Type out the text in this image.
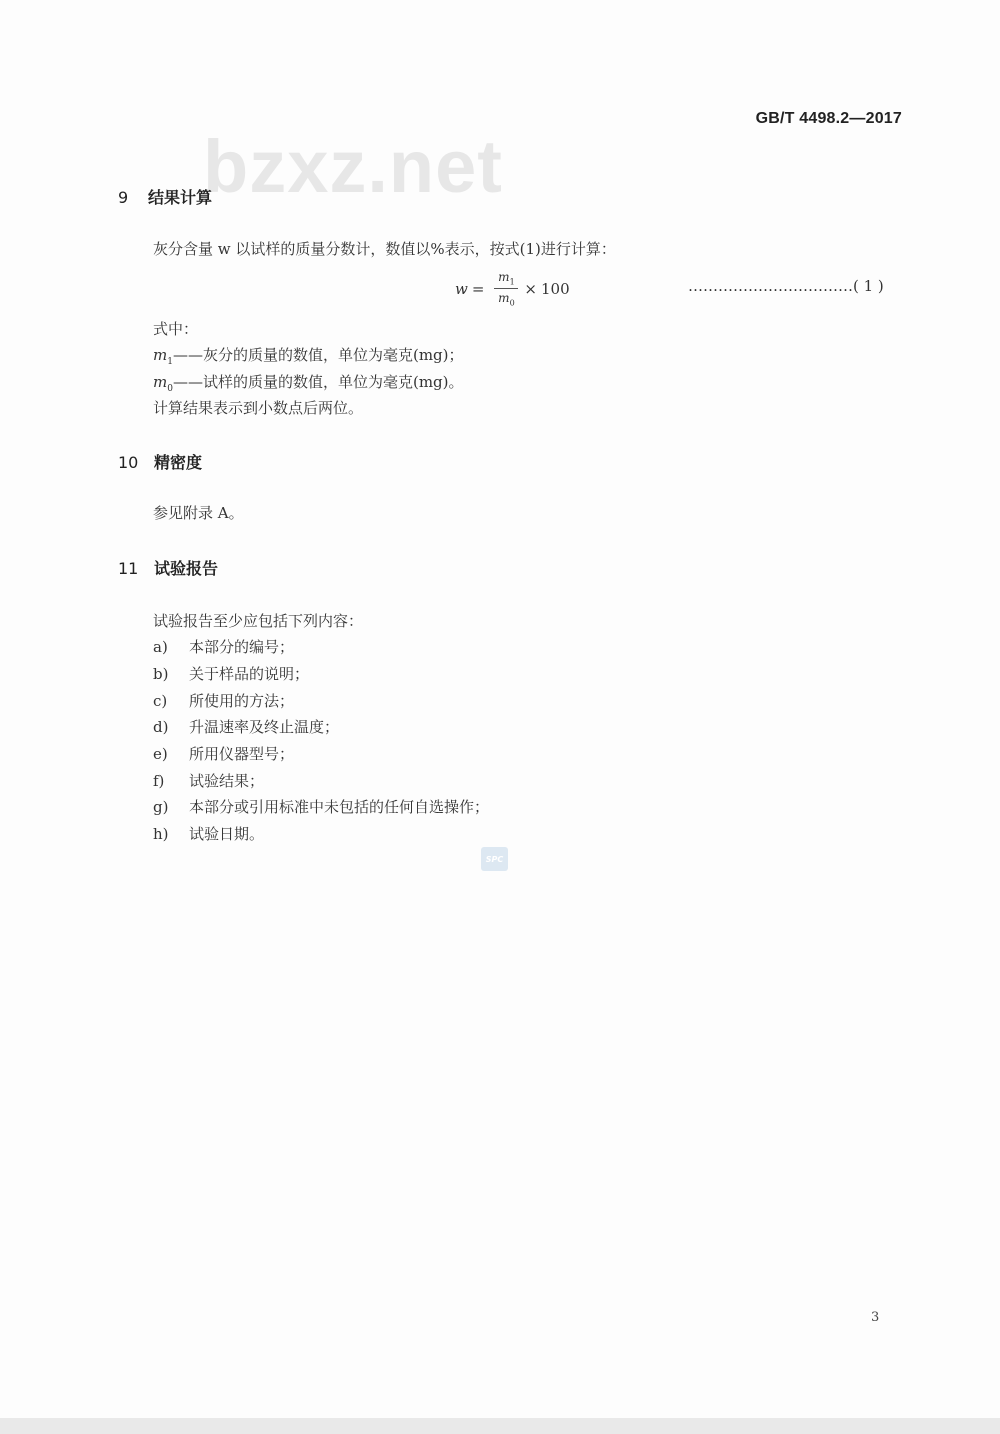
GB/T 4498.2—2017
bzxz.net
9 结果计算
灰分含量 w 以试样的质量分数计，数值以%表示，按式(1)进行计算：
$w = \frac{m_1}{m_0} \times 100$	……………………………( 1 )
式中：
$m_1——$灰分的质量的数值，单位为毫克(mg)；
$m_0——$试样的质量的数值，单位为毫克(mg)。
计算结果表示到小数点后两位。
10 精密度
参见附录 A。
11 试验报告
试验报告至少应包括下列内容：
a) 本部分的编号；
b) 关于样品的说明；
c) 所使用的方法；
d) 升温速率及终止温度；
e) 所用仪器型号；
f) 试验结果；
g) 本部分或引用标准中未包括的任何自选操作；
h) 试验日期。
SPC
3
